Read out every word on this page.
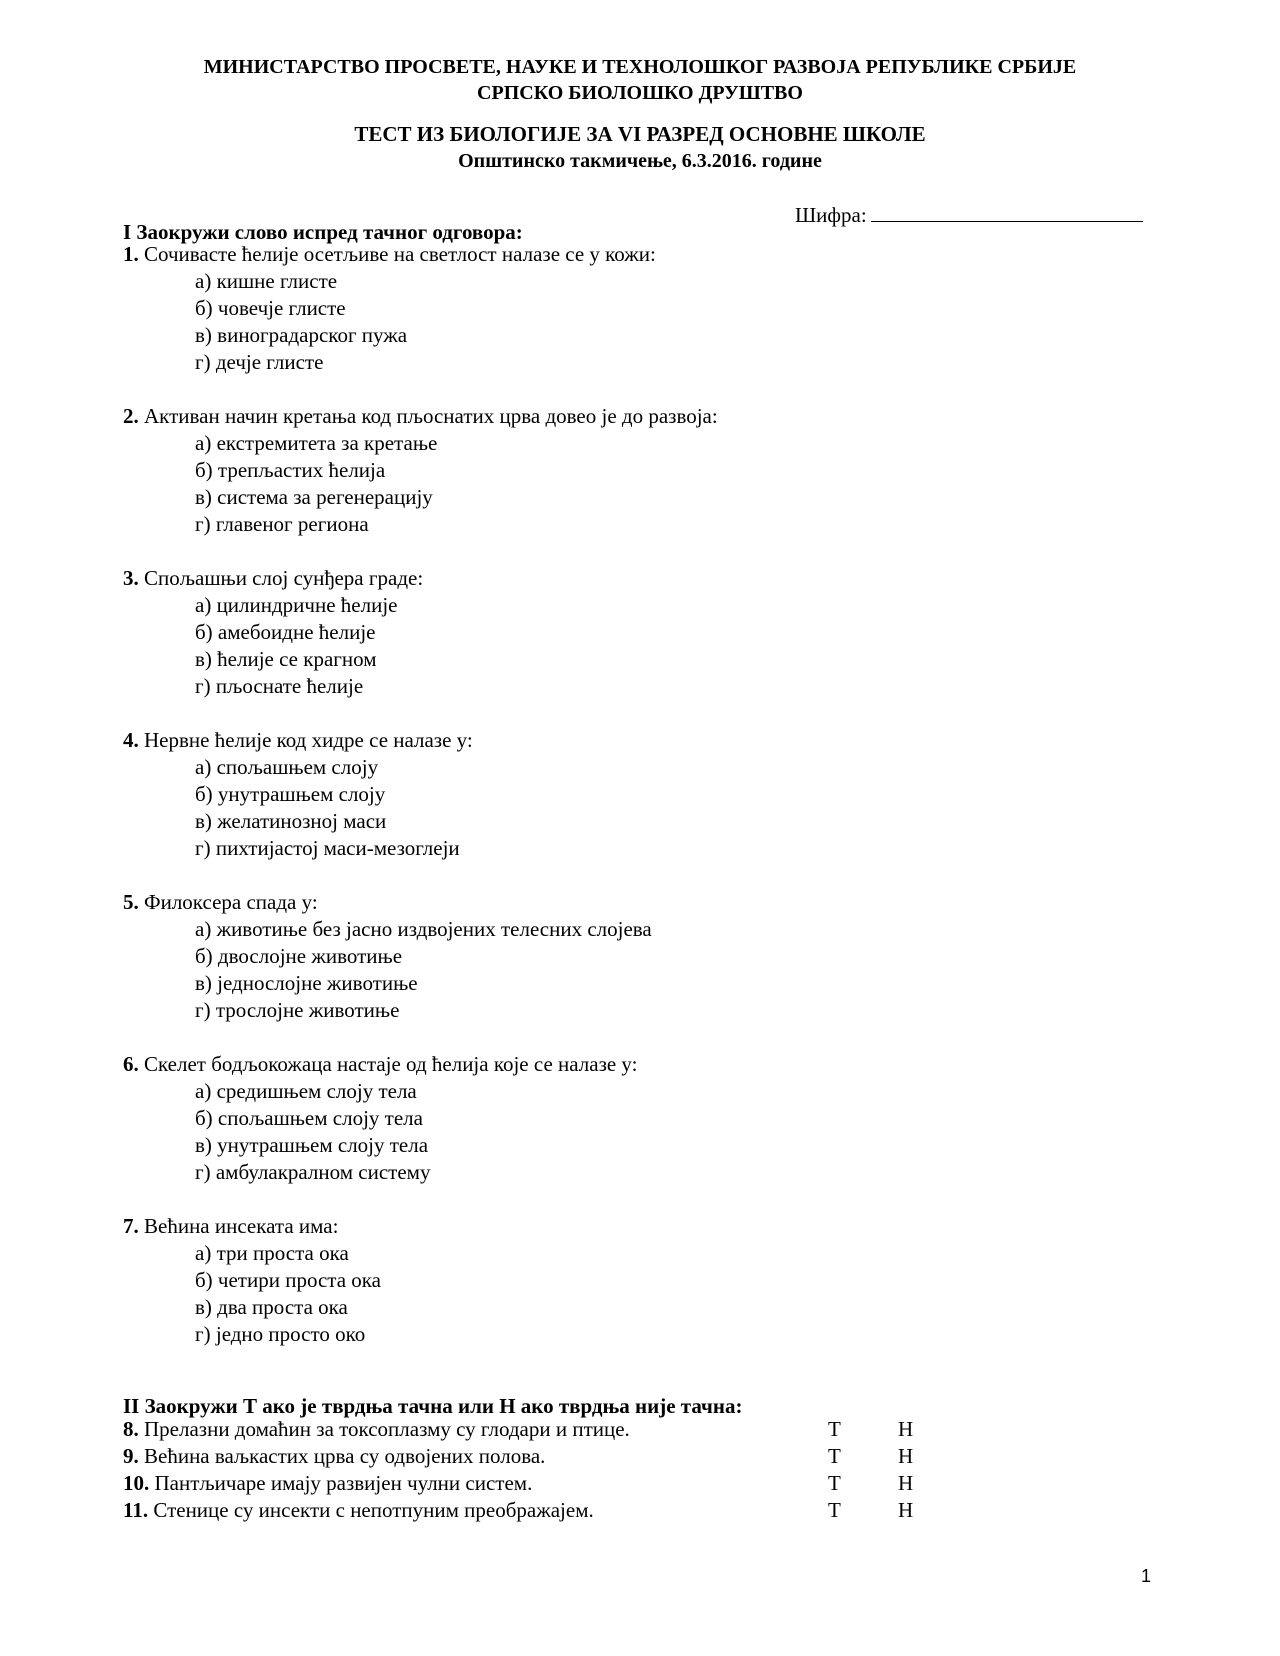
МИНИСТАРСТВО ПРОСВЕТЕ, НАУКЕ И ТЕХНОЛОШКОГ РАЗВОЈА РЕПУБЛИКЕ СРБИЈЕ
СРПСКО БИОЛОШКО ДРУШТВО
ТЕСТ ИЗ БИОЛОГИЈЕ ЗА VI РАЗРЕД ОСНОВНЕ ШКОЛЕ
Општинско такмичење, 6.3.2016. године
Шифра:
I Заокружи слово испред тачног одговора:
1. Сочивасте ћелије осетљиве на светлост налазе се у кожи:
а) кишне глисте
б) човечје глисте
в) виноградарског пужа
г) дечје глисте
2. Активан начин кретања код пљоснатих црва довео је до развоја:
а) екстремитета за кретање
б) трепљастих ћелија
в) система за регенерацију
г) главеног региона
3. Спољашњи слој сунђера граде:
а) цилиндричне ћелије
б) амебоидне ћелије
в) ћелије се крагном
г) пљоснате ћелије
4. Нервне ћелије код хидре се налазе у:
а) спољашњем слоју
б) унутрашњем слоју
в) желатинозној маси
г) пихтијастој маси-мезоглеји
5. Филоксера спада у:
а) животиње без јасно издвојених телесних слојева
б) двослојне животиње
в) једнослојне животиње
г) трослојне животиње
6. Скелет бодљокожаца настаје од ћелија које се налазе у:
а) средишњем слоју тела
б) спољашњем слоју тела
в) унутрашњем слоју тела
г) амбулакралном систему
7. Већина инсеката има:
а) три проста ока
б) четири проста ока
в) два проста ока
г) једно просто око
II Заокружи Т ако је тврдња тачна или Н ако тврдња није тачна:
8. Прелазни домаћин за токсоплазму су глодари и птице.	Т	Н
9. Већина ваљкастих црва су одвојених полова.	Т	Н
10. Пантљичаре имају развијен чулни систем.	Т	Н
11. Стенице су инсекти с непотпуним преображајем.	Т	Н
1
